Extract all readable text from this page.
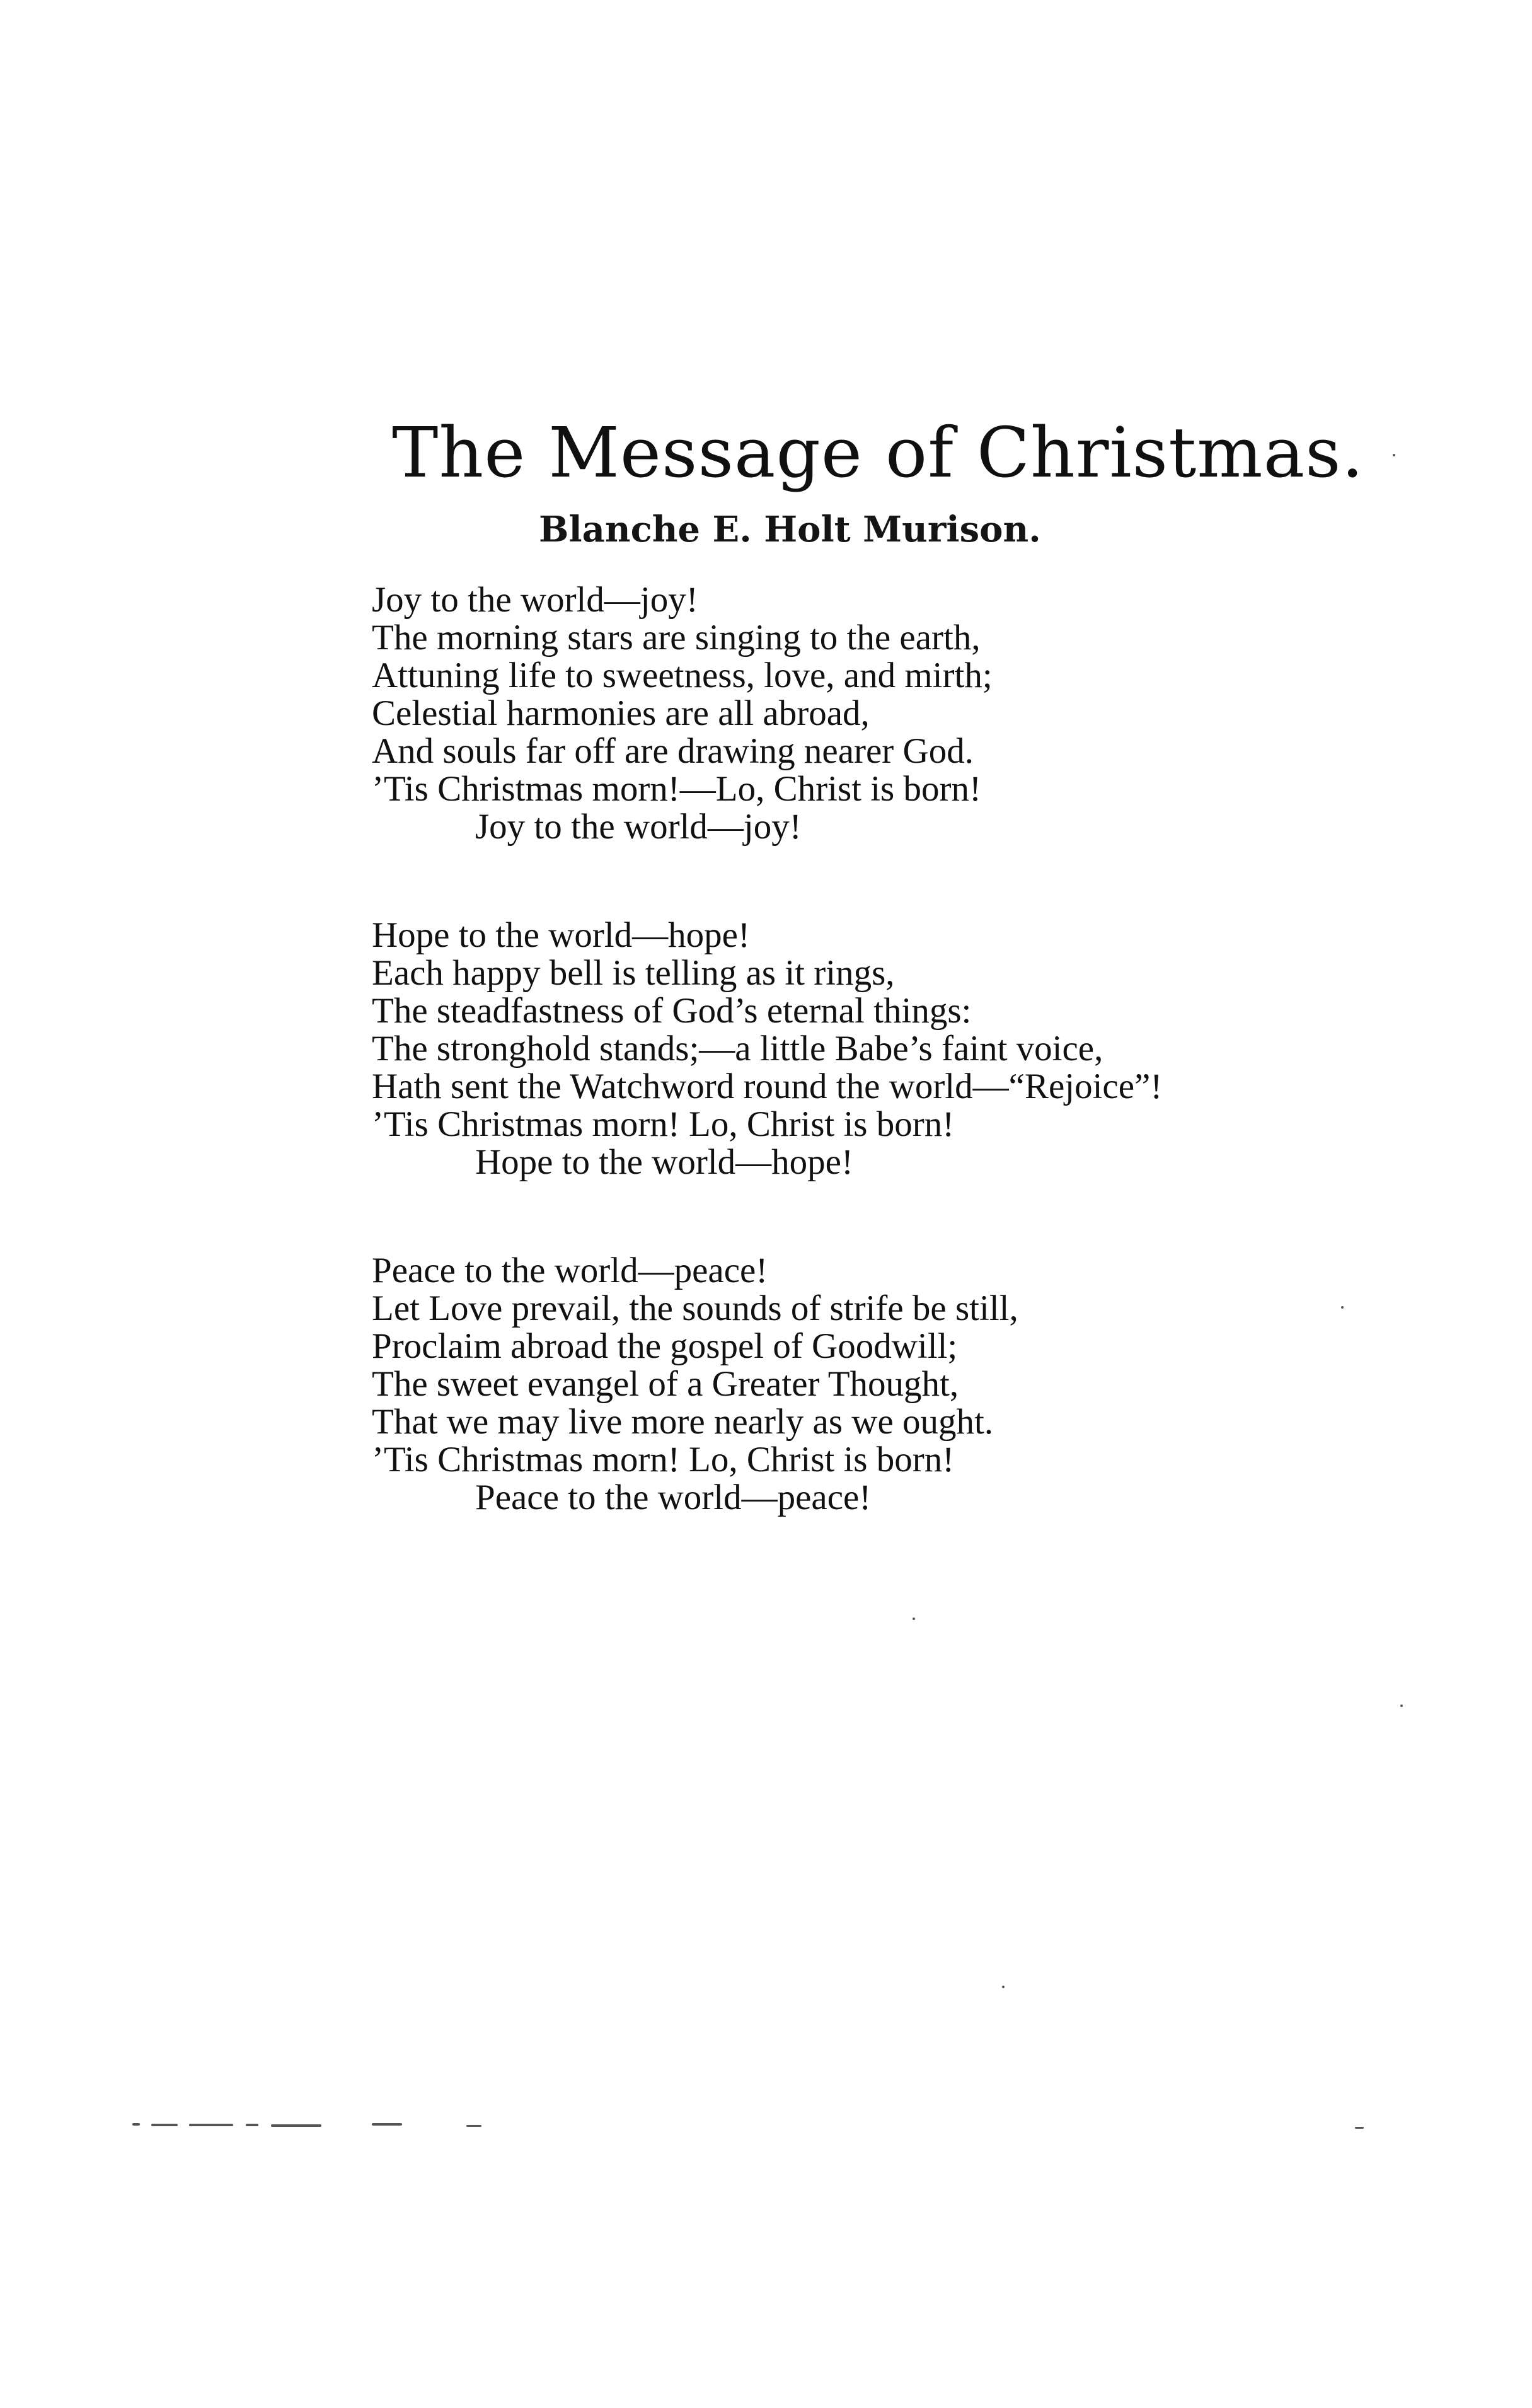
The Message of Christmas.
Blanche E. Holt Murison.
Joy to the world—joy!
The morning stars are singing to the earth,
Attuning life to sweetness, love, and mirth;
Celestial harmonies are all abroad,
And souls far off are drawing nearer God.
’Tis Christmas morn!—Lo, Christ is born!
Joy to the world—joy!
Hope to the world—hope!
Each happy bell is telling as it rings,
The steadfastness of God’s eternal things:
The stronghold stands;—a little Babe’s faint voice,
Hath sent the Watchword round the world—“Rejoice”!
’Tis Christmas morn! Lo, Christ is born!
Hope to the world—hope!
Peace to the world—peace!
Let Love prevail, the sounds of strife be still,
Proclaim abroad the gospel of Goodwill;
The sweet evangel of a Greater Thought,
That we may live more nearly as we ought.
’Tis Christmas morn! Lo, Christ is born!
Peace to the world—peace!
